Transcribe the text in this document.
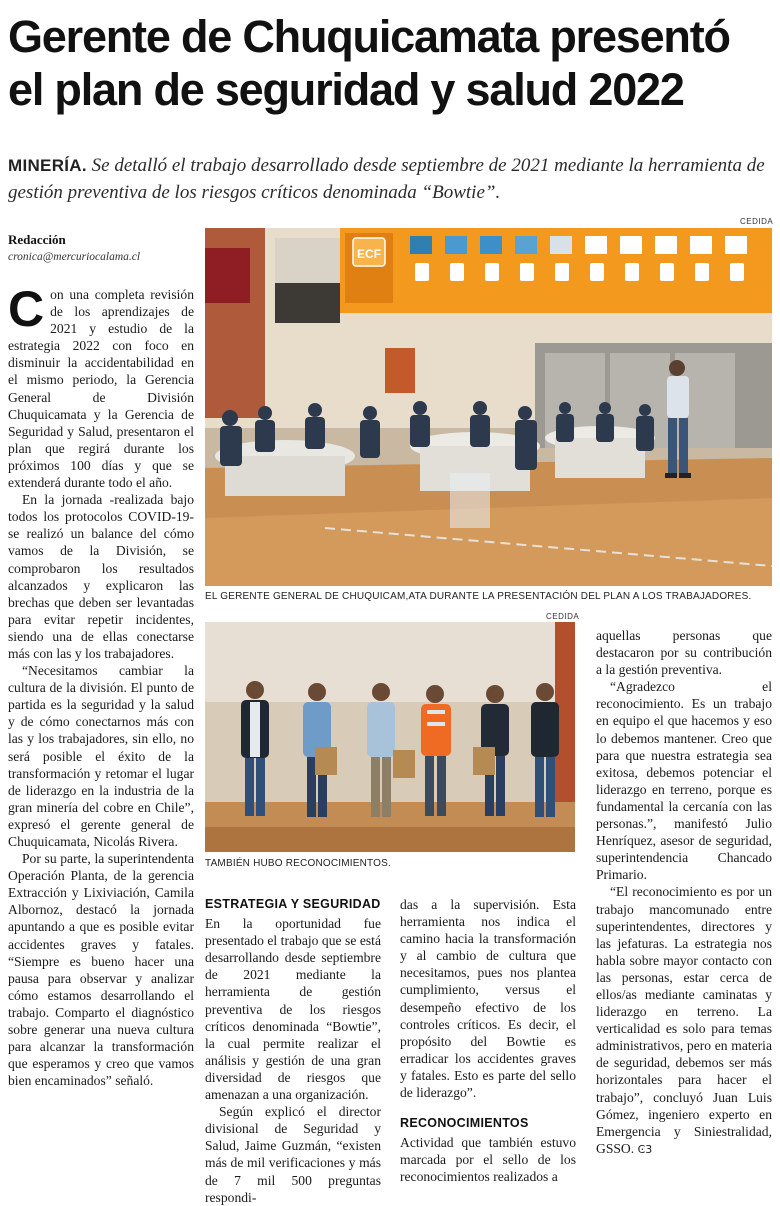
Gerente de Chuquicamata presentó el plan de seguridad y salud 2022
MINERÍA. Se detalló el trabajo desarrollado desde septiembre de 2021 mediante la herramienta de gestión preventiva de los riesgos críticos denominada “Bowtie”.
Redacción
cronica@mercuriocalama.cl
CEDIDA
ECF
EL GERENTE GENERAL DE CHUQUICAM,ATA DURANTE LA PRESENTACIÓN DEL PLAN A LOS TRABAJADORES.
CEDIDA
TAMBIÉN HUBO RECONOCIMIENTOS.

Con una completa revisión de los aprendizajes de 2021 y estudio de la estrategia 2022 con foco en disminuir la accidentabilidad en el mismo periodo, la Gerencia General de División Chuquicamata y la Gerencia de Seguridad y Salud, presentaron el plan que regirá durante los próximos 100 días y que se extenderá durante todo el año.

En la jornada -realizada bajo todos los protocolos COVID-19- se realizó un balance del cómo vamos de la División, se comprobaron los resultados alcanzados y explicaron las brechas que deben ser levantadas para evitar repetir incidentes, siendo una de ellas conectarse más con las y los trabajadores.

“Necesitamos cambiar la cultura de la división. El punto de partida es la seguridad y la salud y de cómo conectarnos más con las y los trabajadores, sin ello, no será posible el éxito de la transformación y retomar el lugar de liderazgo en la industria de la gran minería del cobre en Chile”, expresó el gerente general de Chuquicamata, Nicolás Rivera.

Por su parte, la superintendenta Operación Planta, de la gerencia Extracción y Lixiviación, Camila Albornoz, destacó la jornada apuntando a que es posible evitar accidentes graves y fatales. “Siempre es bueno hacer una pausa para observar y analizar cómo estamos desarrollando el trabajo. Comparto el diagnóstico sobre generar una nueva cultura para alcanzar la transformación que esperamos y creo que vamos bien encaminados” señaló.

ESTRATEGIA Y SEGURIDAD

En la oportunidad fue presentado el trabajo que se está desarrollando desde septiembre de 2021 mediante la herramienta de gestión preventiva de los riesgos críticos denominada “Bowtie”, la cual permite realizar el análisis y gestión de una gran diversidad de riesgos que amenazan a una organización.

Según explicó el director divisional de Seguridad y Salud, Jaime Guzmán, “existen más de mil verificaciones y más de 7 mil 500 preguntas respondi-

das a la supervisión. Esta herramienta nos indica el camino hacia la transformación y al cambio de cultura que necesitamos, pues nos plantea cumplimiento, versus el desempeño efectivo de los controles críticos. Es decir, el propósito del Bowtie es erradicar los accidentes graves y fatales. Esto es parte del sello de liderazgo”.

RECONOCIMIENTOS

Actividad que también estuvo marcada por el sello de los reconocimientos realizados a

aquellas personas que destacaron por su contribución a la gestión preventiva.

“Agradezco el reconocimiento. Es un trabajo en equipo el que hacemos y eso lo debemos mantener. Creo que para que nuestra estrategia sea exitosa, debemos potenciar el liderazgo en terreno, porque es fundamental la cercanía con las personas.”, manifestó Julio Henríquez, asesor de seguridad, superintendencia Chancado Primario.

“El reconocimiento es por un trabajo mancomunado entre superintendentes, directores y las jefaturas. La estrategia nos habla sobre mayor contacto con las personas, estar cerca de ellos/as mediante caminatas y liderazgo en terreno. La verticalidad es solo para temas administrativos, pero en materia de seguridad, debemos ser más horizontales para hacer el trabajo”, concluyó Juan Luis Gómez, ingeniero experto en Emergencia y Siniestralidad, GSSO. Ͼ3
